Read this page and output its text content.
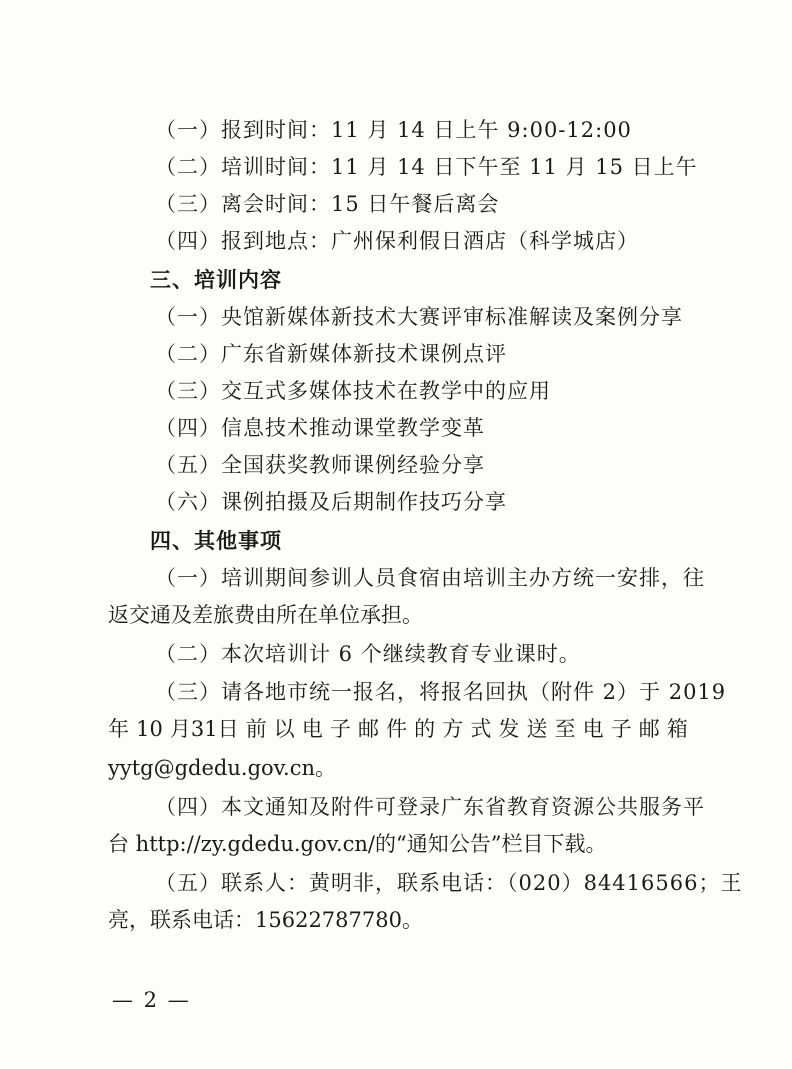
（一）报到时间：11 月 14 日上午 9:00-12:00
（二）培训时间：11 月 14 日下午至 11 月 15 日上午
（三）离会时间：15 日午餐后离会
（四）报到地点：广州保利假日酒店（科学城店）
三、培训内容
（一）央馆新媒体新技术大赛评审标准解读及案例分享
（二）广东省新媒体新技术课例点评
（三）交互式多媒体技术在教学中的应用
（四）信息技术推动课堂教学变革
（五）全国获奖教师课例经验分享
（六）课例拍摄及后期制作技巧分享
四、其他事项
（一）培训期间参训人员食宿由培训主办方统一安排，往
返交通及差旅费由所在单位承担。
（二）本次培训计 6 个继续教育专业课时。
（三）请各地市统一报名，将报名回执（附件 2）于 2019
年 10 月31日 前 以 电 子 邮 件 的 方 式 发 送 至 电 子 邮 箱
yytg@gdedu.gov.cn。
（四）本文通知及附件可登录广东省教育资源公共服务平
台 http://zy.gdedu.gov.cn/的“通知公告”栏目下载。
（五）联系人：黄明非，联系电话：（020）84416566；王
亮，联系电话：15622787780。
— 2 —
